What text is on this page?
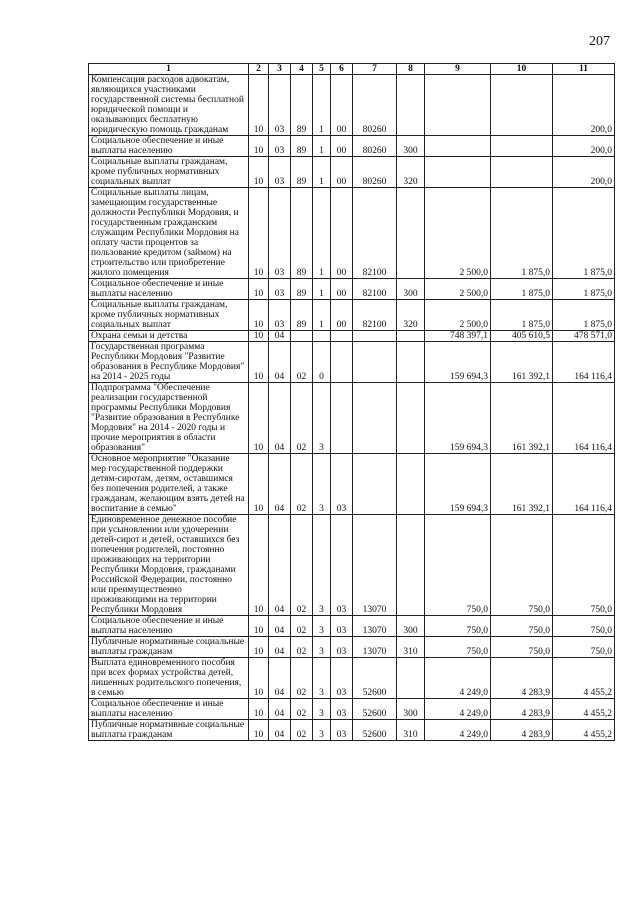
207
1	2	3	4	5	6	7	8	9	10	11
Компенсация расходов адвокатам, являющихся участниками государственной системы бесплатной юридической помощи и оказывающих бесплатную юридическую помощь гражданам	10	03	89	1	00	80260				200,0
Социальное обеспечение и иные выплаты населению	10	03	89	1	00	80260	300			200,0
Социальные выплаты гражданам, кроме публичных нормативных социальных выплат	10	03	89	1	00	80260	320			200,0
Социальные выплаты лицам, замещающим государственные должности Республики Мордовия, и государственным гражданским служащим Республики Мордовия на оплату части процентов за пользование кредитом (займом) на строительство или приобретение жилого помещения	10	03	89	1	00	82100		2 500,0	1 875,0	1 875,0
Социальное обеспечение и иные выплаты населению	10	03	89	1	00	82100	300	2 500,0	1 875,0	1 875,0
Социальные выплаты гражданам, кроме публичных нормативных социальных выплат	10	03	89	1	00	82100	320	2 500,0	1 875,0	1 875,0
Охрана семьи и детства	10	04						748 397,1	405 610,5	478 571,0
Государственная программа Республики Мордовия "Развитие образования в Республике Мордовия" на 2014 - 2025 годы	10	04	02	0				159 694,3	161 392,1	164 116,4
Подпрограмма "Обеспечение реализации государственной программы Республики Мордовия "Развитие образования в Республике Мордовия" на 2014 - 2020 годы и прочие мероприятия в области образования"	10	04	02	3				159 694,3	161 392,1	164 116,4
Основное мероприятие "Оказание мер государственной поддержки детям-сиротам, детям, оставшимся без попечения родителей, а также гражданам, желающим взять детей на воспитание в семью"	10	04	02	3	03			159 694,3	161 392,1	164 116,4
Единовременное денежное пособие при усыновлении или удочерении детей-сирот и детей, оставшихся без попечения родителей, постоянно проживающих на территории Республики Мордовия, гражданами Российской Федерации, постоянно или преимущественно проживающими на территории Республики Мордовия	10	04	02	3	03	13070		750,0	750,0	750,0
Социальное обеспечение и иные выплаты населению	10	04	02	3	03	13070	300	750,0	750,0	750,0
Публичные нормативные социальные выплаты гражданам	10	04	02	3	03	13070	310	750,0	750,0	750,0
Выплата единовременного пособия при всех формах устройства детей, лишенных родительского попечения, в семью	10	04	02	3	03	52600		4 249,0	4 283,9	4 455,2
Социальное обеспечение и иные выплаты населению	10	04	02	3	03	52600	300	4 249,0	4 283,9	4 455,2
Публичные нормативные социальные выплаты гражданам	10	04	02	3	03	52600	310	4 249,0	4 283,9	4 455,2
